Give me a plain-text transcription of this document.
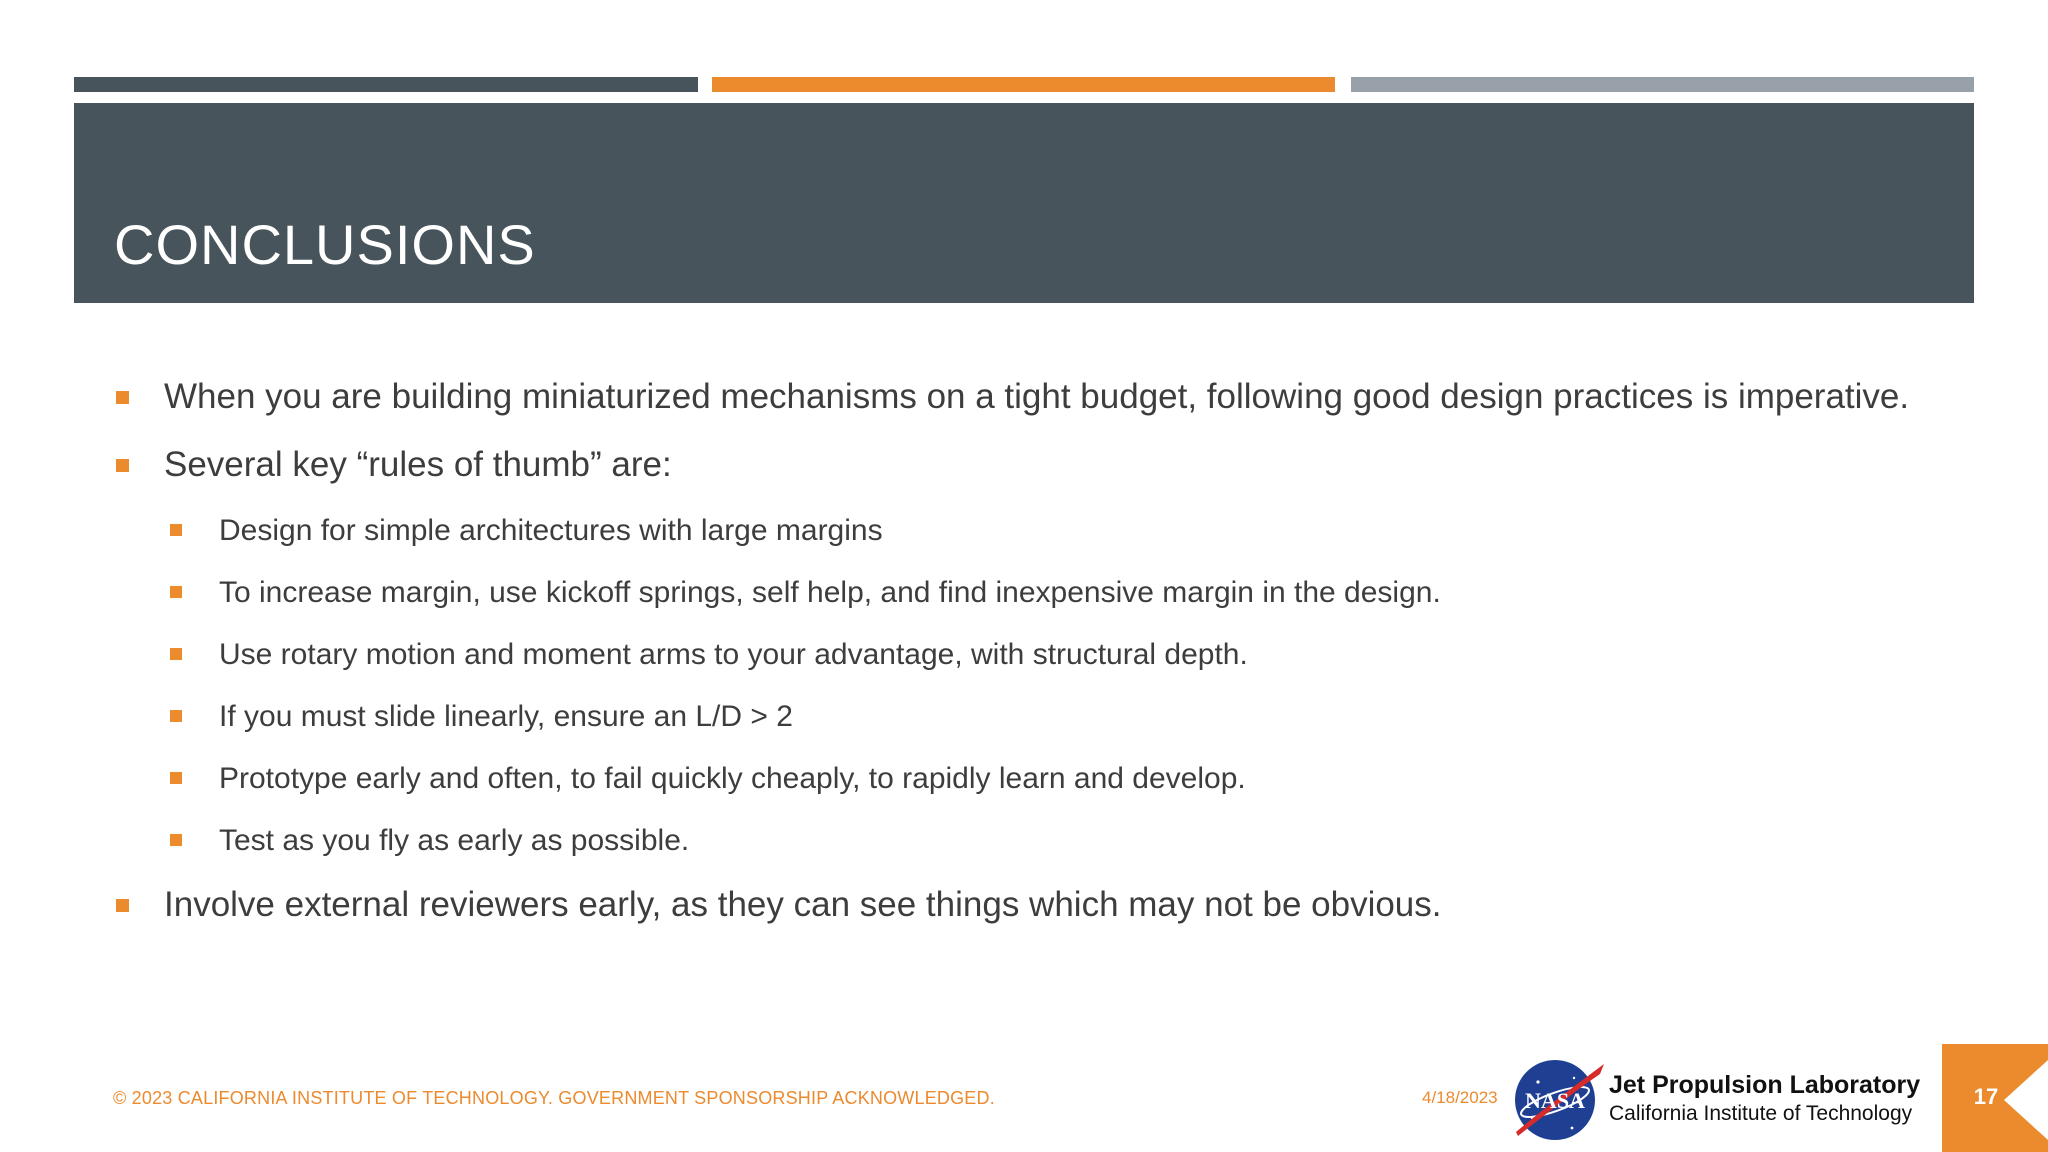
CONCLUSIONS
When you are building miniaturized mechanisms on a tight budget, following good design practices is imperative.
Several key “rules of thumb” are:
Design for simple architectures with large margins
To increase margin, use kickoff springs, self help, and find inexpensive margin in the design.
Use rotary motion and moment arms to your advantage, with structural depth.
If you must slide linearly, ensure an L/D > 2
Prototype early and often, to fail quickly cheaply, to rapidly learn and develop.
Test as you fly as early as possible.
Involve external reviewers early, as they can see things which may not be obvious.
© 2023 CALIFORNIA INSTITUTE OF TECHNOLOGY. GOVERNMENT SPONSORSHIP ACKNOWLEDGED.	4/18/2023 NASA
Jet Propulsion Laboratory
California Institute of Technology
17
